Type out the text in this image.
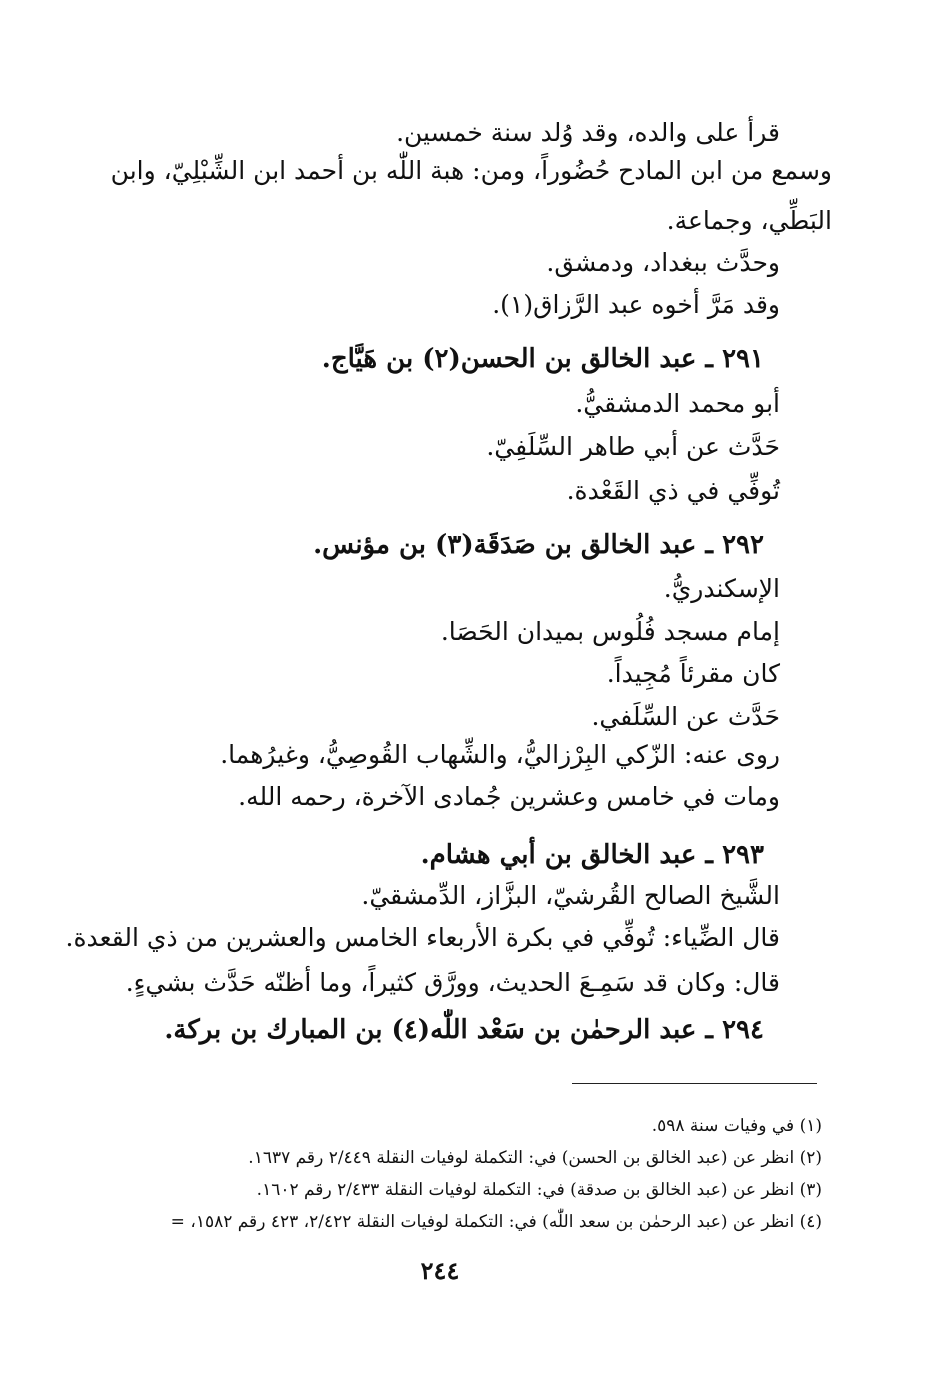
قرأ على والده، وقد وُلد سنة خمسين.
وسمع من ابن المادح حُضُوراً، ومن: هبة اللّٰه بن أحمد ابن الشِّبْلِيّ، وابن
البَطِّي، وجماعة.
وحدَّث ببغداد، ودمشق.
وقد مَرَّ أخوه عبد الرَّزاق(١).
٢٩١ ـ عبد الخالق بن الحسن(٢) بن هَيَّاج.
أبو محمد الدمشقيُّ.
حَدَّث عن أبي طاهر السِّلَفِيّ.
تُوفِّي في ذي القَعْدة.
٢٩٢ ـ عبد الخالق بن صَدَقَة(٣) بن مؤنس.
الإسكندريُّ.
إمام مسجد فُلُوس بميدان الحَصَا.
كان مقرئاً مُجِيداً.
حَدَّث عن السِّلَفي.
روى عنه: الزّكي البِرْزاليُّ، والشِّهاب القُوصِيُّ، وغيرُهما.
ومات في خامس وعشرين جُمادى الآخرة، رحمه الله.
٢٩٣ ـ عبد الخالق بن أبي هشام.
الشَّيخ الصالح القُرشيّ، البزَّاز، الدِّمشقيّ.
قال الضِّياء: تُوفِّي في بكرة الأربعاء الخامس والعشرين من ذي القعدة.
قال: وكان قد سَمِـعَ الحديث، وورَّق كثيراً، وما أظنّه حَدَّث بشيءٍ.
٢٩٤ ـ عبد الرحمٰن بن سَعْد اللّٰه(٤) بن المبارك بن بركة.
(١) في وفيات سنة ٥٩٨.
(٢) انظر عن (عبد الخالق بن الحسن) في: التكملة لوفيات النقلة ٢/٤٤٩ رقم ١٦٣٧.
(٣) انظر عن (عبد الخالق بن صدقة) في: التكملة لوفيات النقلة ٢/٤٣٣ رقم ١٦٠٢.
(٤) انظر عن (عبد الرحمٰن بن سعد اللّٰه) في: التكملة لوفيات النقلة ٢/٤٢٢، ٤٢٣ رقم ١٥٨٢، =
٢٤٤
